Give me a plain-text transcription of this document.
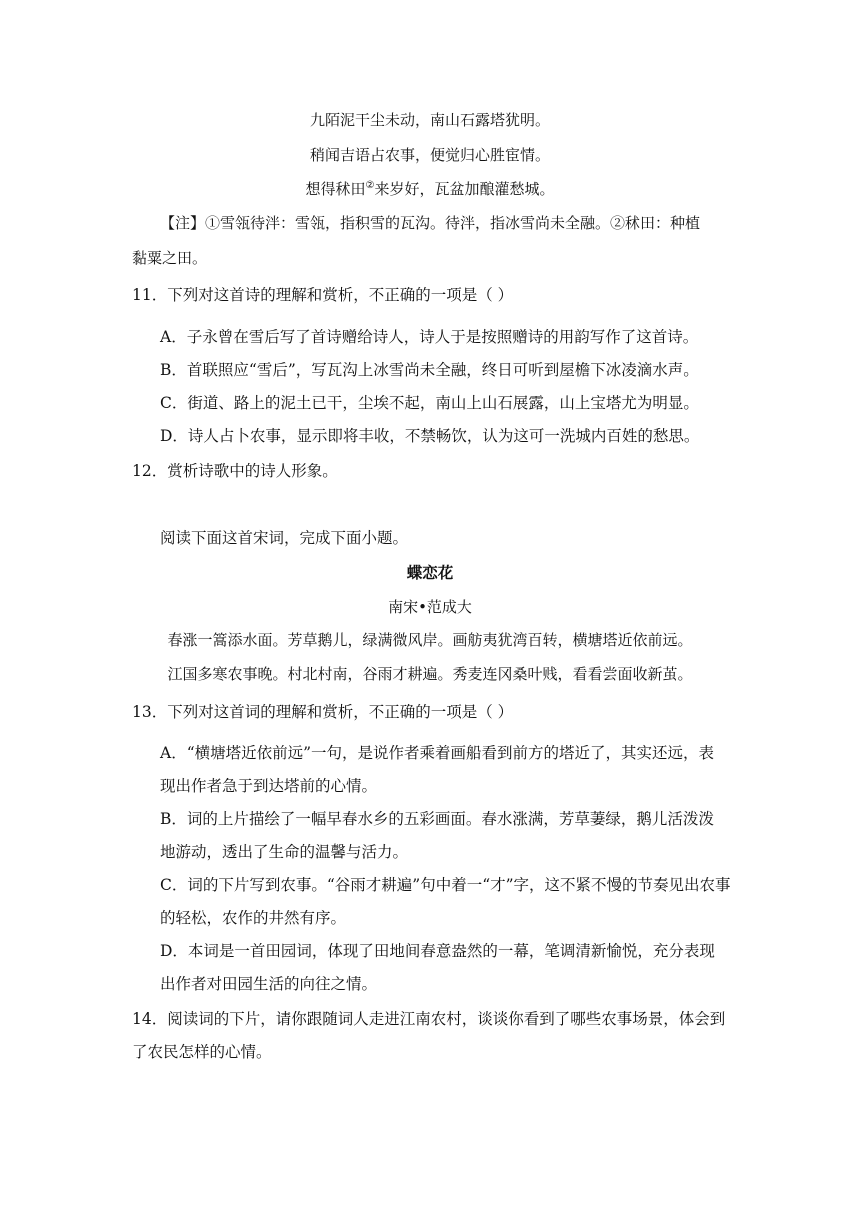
九陌泥干尘未动，南山石露塔犹明。
稍闻吉语占农事，便觉归心胜宦情。
想得秫田②来岁好，瓦盆加酿灌愁城。
【注】①雪瓴待泮：雪瓴，指积雪的瓦沟。待泮，指冰雪尚未全融。②秫田：种植
黏粟之田。
11．下列对这首诗的理解和赏析，不正确的一项是（ ）
A．子永曾在雪后写了首诗赠给诗人，诗人于是按照赠诗的用韵写作了这首诗。
B．首联照应“雪后”，写瓦沟上冰雪尚未全融，终日可听到屋檐下冰凌滴水声。
C．街道、路上的泥土已干，尘埃不起，南山上山石展露，山上宝塔尤为明显。
D．诗人占卜农事，显示即将丰收，不禁畅饮，认为这可一洗城内百姓的愁思。
12．赏析诗歌中的诗人形象。
阅读下面这首宋词，完成下面小题。
蝶恋花
南宋•范成大
春涨一篙添水面。芳草鹅儿，绿满微风岸。画舫夷犹湾百转，横塘塔近依前远。
江国多寒农事晚。村北村南，谷雨才耕遍。秀麦连冈桑叶贱，看看尝面收新茧。
13．下列对这首词的理解和赏析，不正确的一项是（ ）
A．“横塘塔近依前远”一句，是说作者乘着画船看到前方的塔近了，其实还远，表
现出作者急于到达塔前的心情。
B．词的上片描绘了一幅早春水乡的五彩画面。春水涨满，芳草萋绿，鹅儿活泼泼
地游动，透出了生命的温馨与活力。
C．词的下片写到农事。“谷雨才耕遍”句中着一“才”字，这不紧不慢的节奏见出农事
的轻松，农作的井然有序。
D．本词是一首田园词，体现了田地间春意盎然的一幕，笔调清新愉悦，充分表现
出作者对田园生活的向往之情。
14．阅读词的下片，请你跟随词人走进江南农村，谈谈你看到了哪些农事场景，体会到
了农民怎样的心情。
